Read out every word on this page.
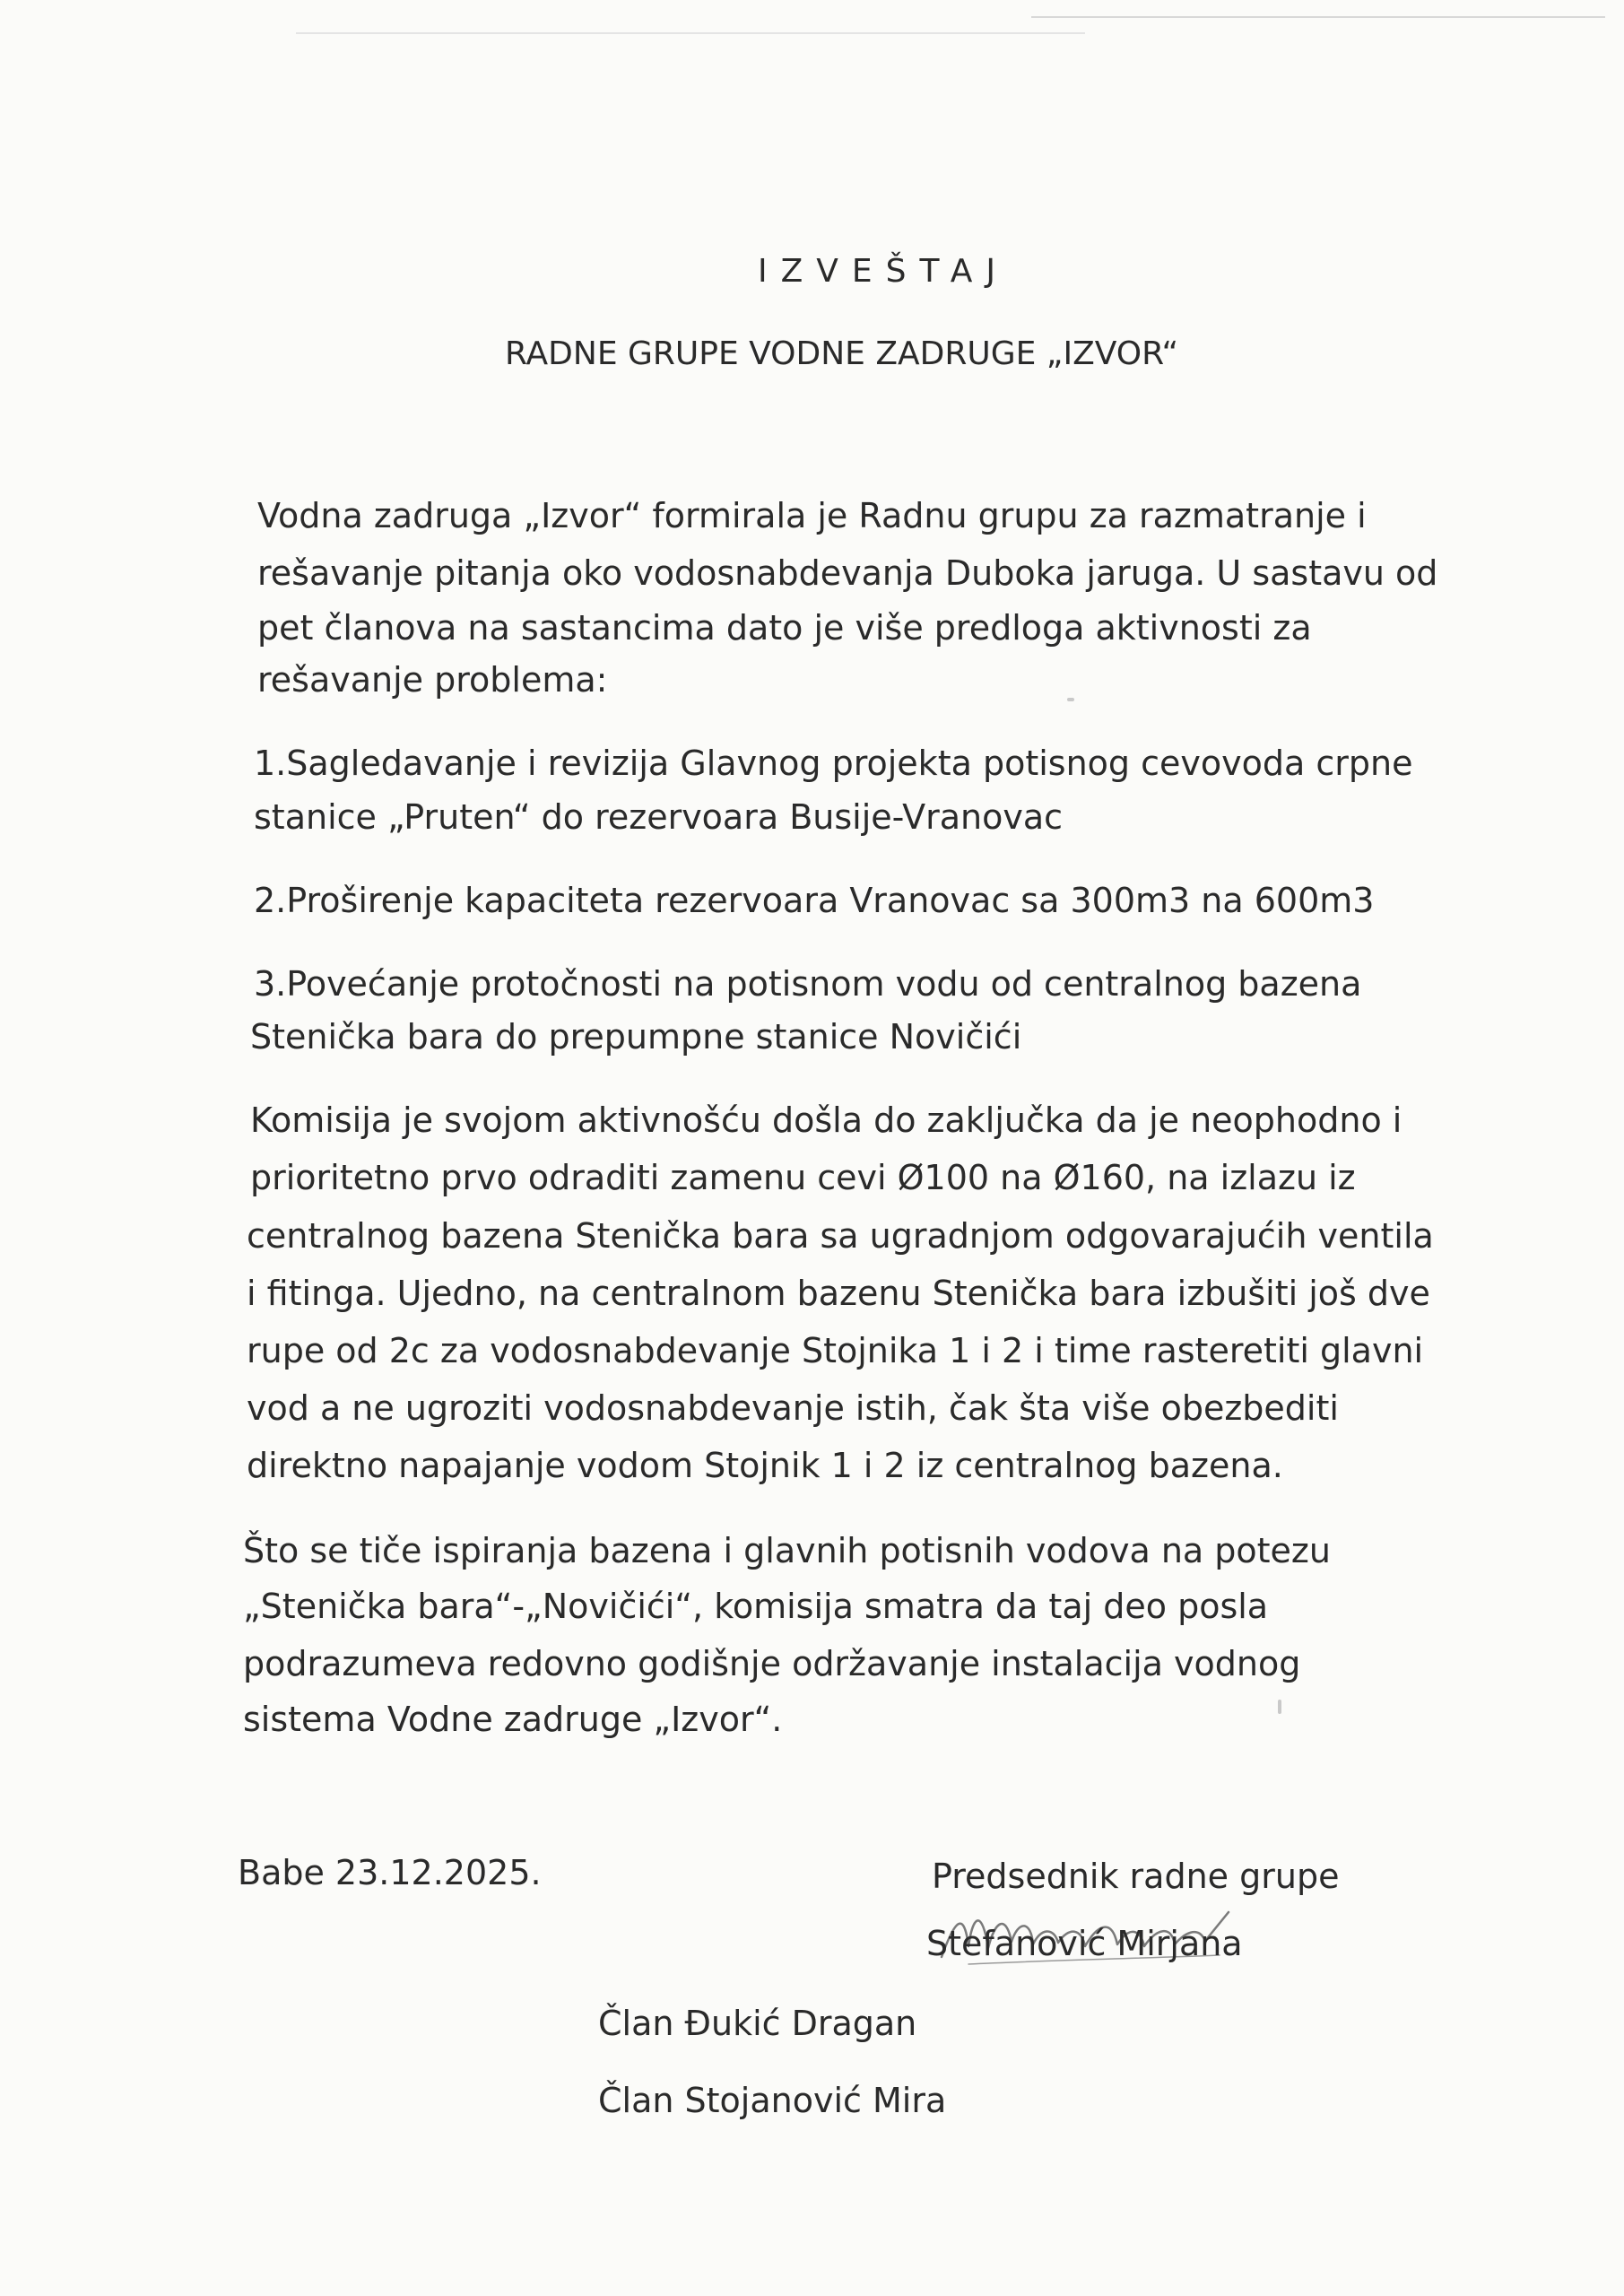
IZVEŠTAJ
RADNE GRUPE VODNE ZADRUGE „IZVOR“
Vodna zadruga „Izvor“ formirala je Radnu grupu za razmatranje i
rešavanje pitanja oko vodosnabdevanja Duboka jaruga. U sastavu od
pet članova na sastancima dato je više predloga aktivnosti za
rešavanje problema:
1.Sagledavanje i revizija Glavnog projekta potisnog cevovoda crpne
stanice „Pruten“ do rezervoara Busije-Vranovac
2.Proširenje kapaciteta rezervoara Vranovac sa 300m3 na 600m3
3.Povećanje protočnosti na potisnom vodu od centralnog bazena
Stenička bara do prepumpne stanice Novičići
Komisija je svojom aktivnošću došla do zaključka da je neophodno i
prioritetno prvo odraditi zamenu cevi Ø100 na Ø160, na izlazu iz
centralnog bazena Stenička bara sa ugradnjom odgovarajućih ventila
i fitinga. Ujedno, na centralnom bazenu Stenička bara izbušiti još dve
rupe od 2c za vodosnabdevanje Stojnika 1 i 2 i time rasteretiti glavni
vod a ne ugroziti vodosnabdevanje istih, čak šta više obezbediti
direktno napajanje vodom Stojnik 1 i 2 iz centralnog bazena.
Što se tiče ispiranja bazena i glavnih potisnih vodova na potezu
„Stenička bara“-„Novičići“, komisija smatra da taj deo posla
podrazumeva redovno godišnje održavanje instalacija vodnog
sistema Vodne zadruge „Izvor“.
Babe 23.12.2025.	Predsednik radne grupe
Stefanović Mirjana
Član Đukić Dragan
Član Stojanović Mira
